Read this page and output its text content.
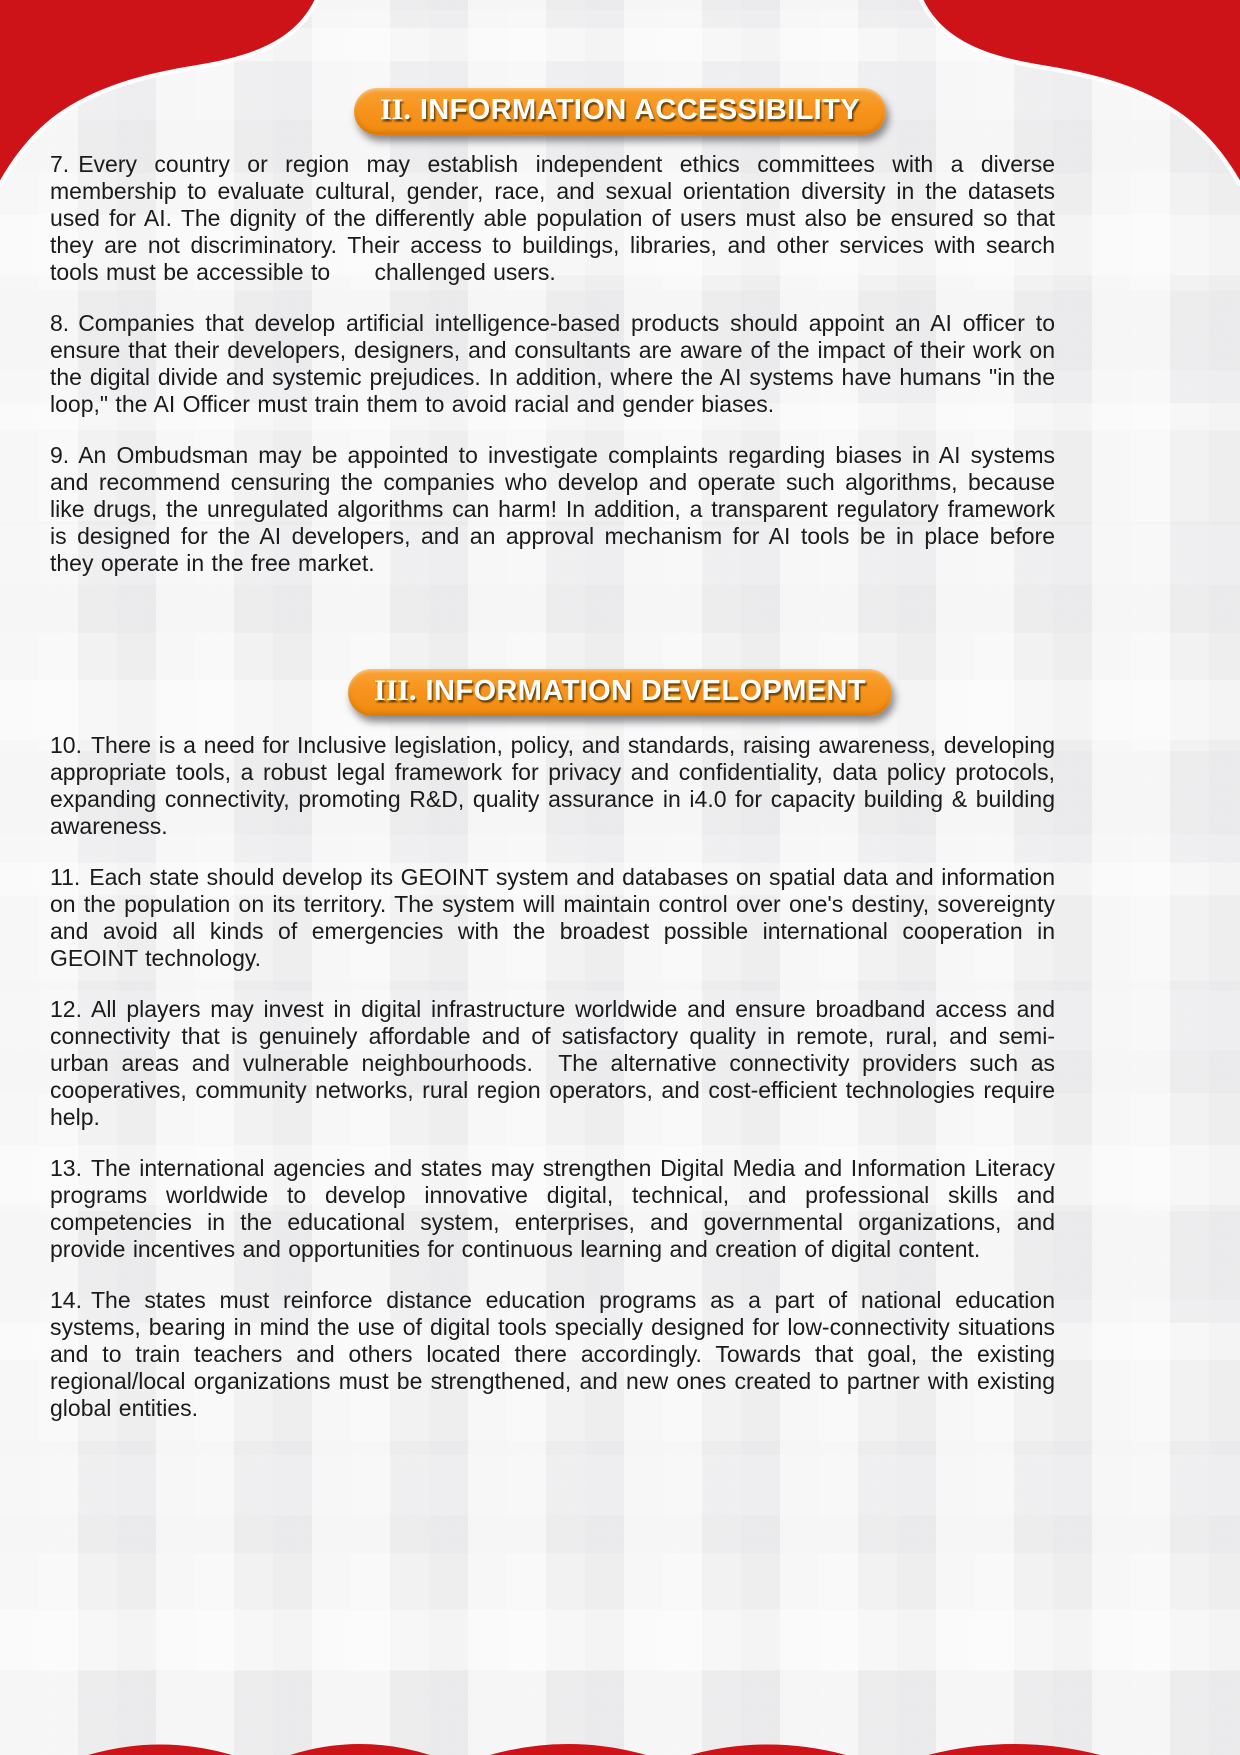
II. INFORMATION ACCESSIBILITY

7. Every country or region may establish independent ethics committees with a diverse membership to evaluate cultural, gender, race, and sexual orientation diversity in the datasets used for AI. The dignity of the differently able population of users must also be ensured so that they are not discriminatory. Their access to buildings, libraries, and other services with search tools must be accessible to      challenged users.

8. Companies that develop artificial intelligence-based products should appoint an AI officer to ensure that their developers, designers, and consultants are aware of the impact of their work on the digital divide and systemic prejudices. In addition, where the AI systems have humans "in the loop," the AI Officer must train them to avoid racial and gender biases.

9. An Ombudsman may be appointed to investigate complaints regarding biases in AI systems and recommend censuring the companies who develop and operate such algorithms, because like drugs, the unregulated algorithms can harm! In addition, a transparent regulatory framework is designed for the AI developers, and an approval mechanism for AI tools be in place before they operate in the free market.

III. INFORMATION DEVELOPMENT

10. There is a need for Inclusive legislation, policy, and standards, raising awareness, developing appropriate tools, a robust legal framework for privacy and confidentiality, data policy protocols, expanding connectivity, promoting R&D, quality assurance in i4.0 for capacity building & building awareness.

11. Each state should develop its GEOINT system and databases on spatial data and information on the population on its territory. The system will maintain control over one's destiny, sovereignty and avoid all kinds of emergencies with the broadest possible international cooperation in GEOINT technology.

12. All players may invest in digital infrastructure worldwide and ensure broadband access and connectivity that is genuinely affordable and of satisfactory quality in remote, rural, and semi-urban areas and vulnerable neighbourhoods.  The alternative connectivity providers such as cooperatives, community networks, rural region operators, and cost-efficient technologies require help.

13. The international agencies and states may strengthen Digital Media and Information Literacy programs worldwide to develop innovative digital, technical, and professional skills and competencies in the educational system, enterprises, and governmental organizations, and provide incentives and opportunities for continuous learning and creation of digital content.

14. The states must reinforce distance education programs as a part of national education systems, bearing in mind the use of digital tools specially designed for low-connectivity situations and to train teachers and others located there accordingly. Towards that goal, the existing regional/local organizations must be strengthened, and new ones created to partner with existing global entities.
